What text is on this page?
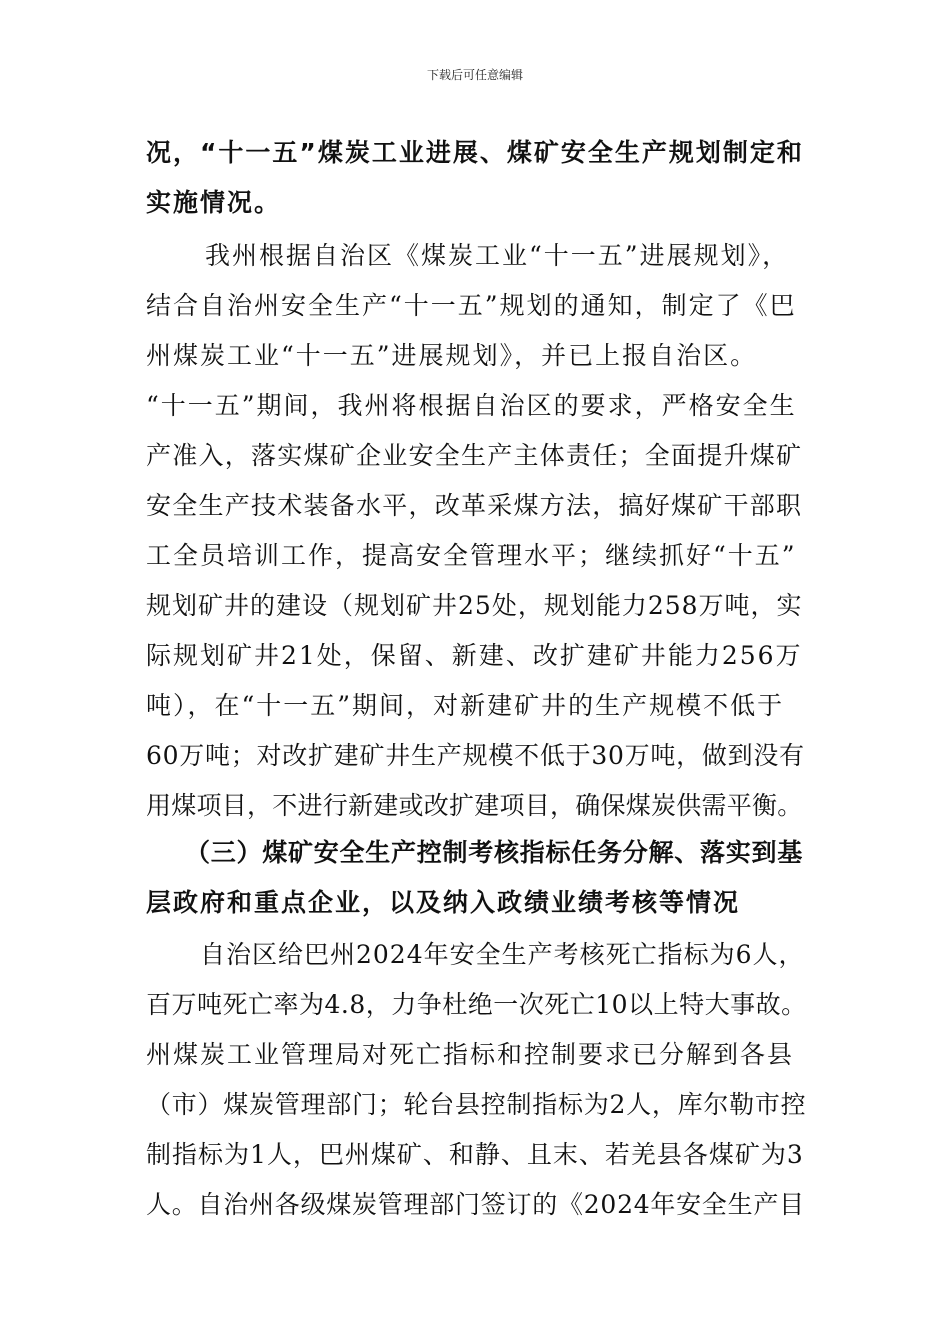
下载后可任意编辑

况，“十一五”煤炭工业进展、煤矿安全生产规划制定和

实施情况。

我州根据自治区《煤炭工业“十一五”进展规划》，

结合自治州安全生产“十一五”规划的通知，制定了《巴

州煤炭工业“十一五”进展规划》，并已上报自治区。

“十一五”期间，我州将根据自治区的要求，严格安全生

产准入，落实煤矿企业安全生产主体责任；全面提升煤矿

安全生产技术装备水平，改革采煤方法，搞好煤矿干部职

工全员培训工作，提高安全管理水平；继续抓好“十五”

规划矿井的建设（规划矿井25处，规划能力258万吨，实

际规划矿井21处，保留、新建、改扩建矿井能力256万

吨），在“十一五”期间，对新建矿井的生产规模不低于

60万吨；对改扩建矿井生产规模不低于30万吨，做到没有

用煤项目，不进行新建或改扩建项目，确保煤炭供需平衡。

（三）煤矿安全生产控制考核指标任务分解、落实到基

层政府和重点企业，以及纳入政绩业绩考核等情况

自治区给巴州2024年安全生产考核死亡指标为6人，

百万吨死亡率为4.8，力争杜绝一次死亡10以上特大事故。

州煤炭工业管理局对死亡指标和控制要求已分解到各县

（市）煤炭管理部门；轮台县控制指标为2人，库尔勒市控

制指标为1人，巴州煤矿、和静、且末、若羌县各煤矿为3

人。自治州各级煤炭管理部门签订的《2024年安全生产目
